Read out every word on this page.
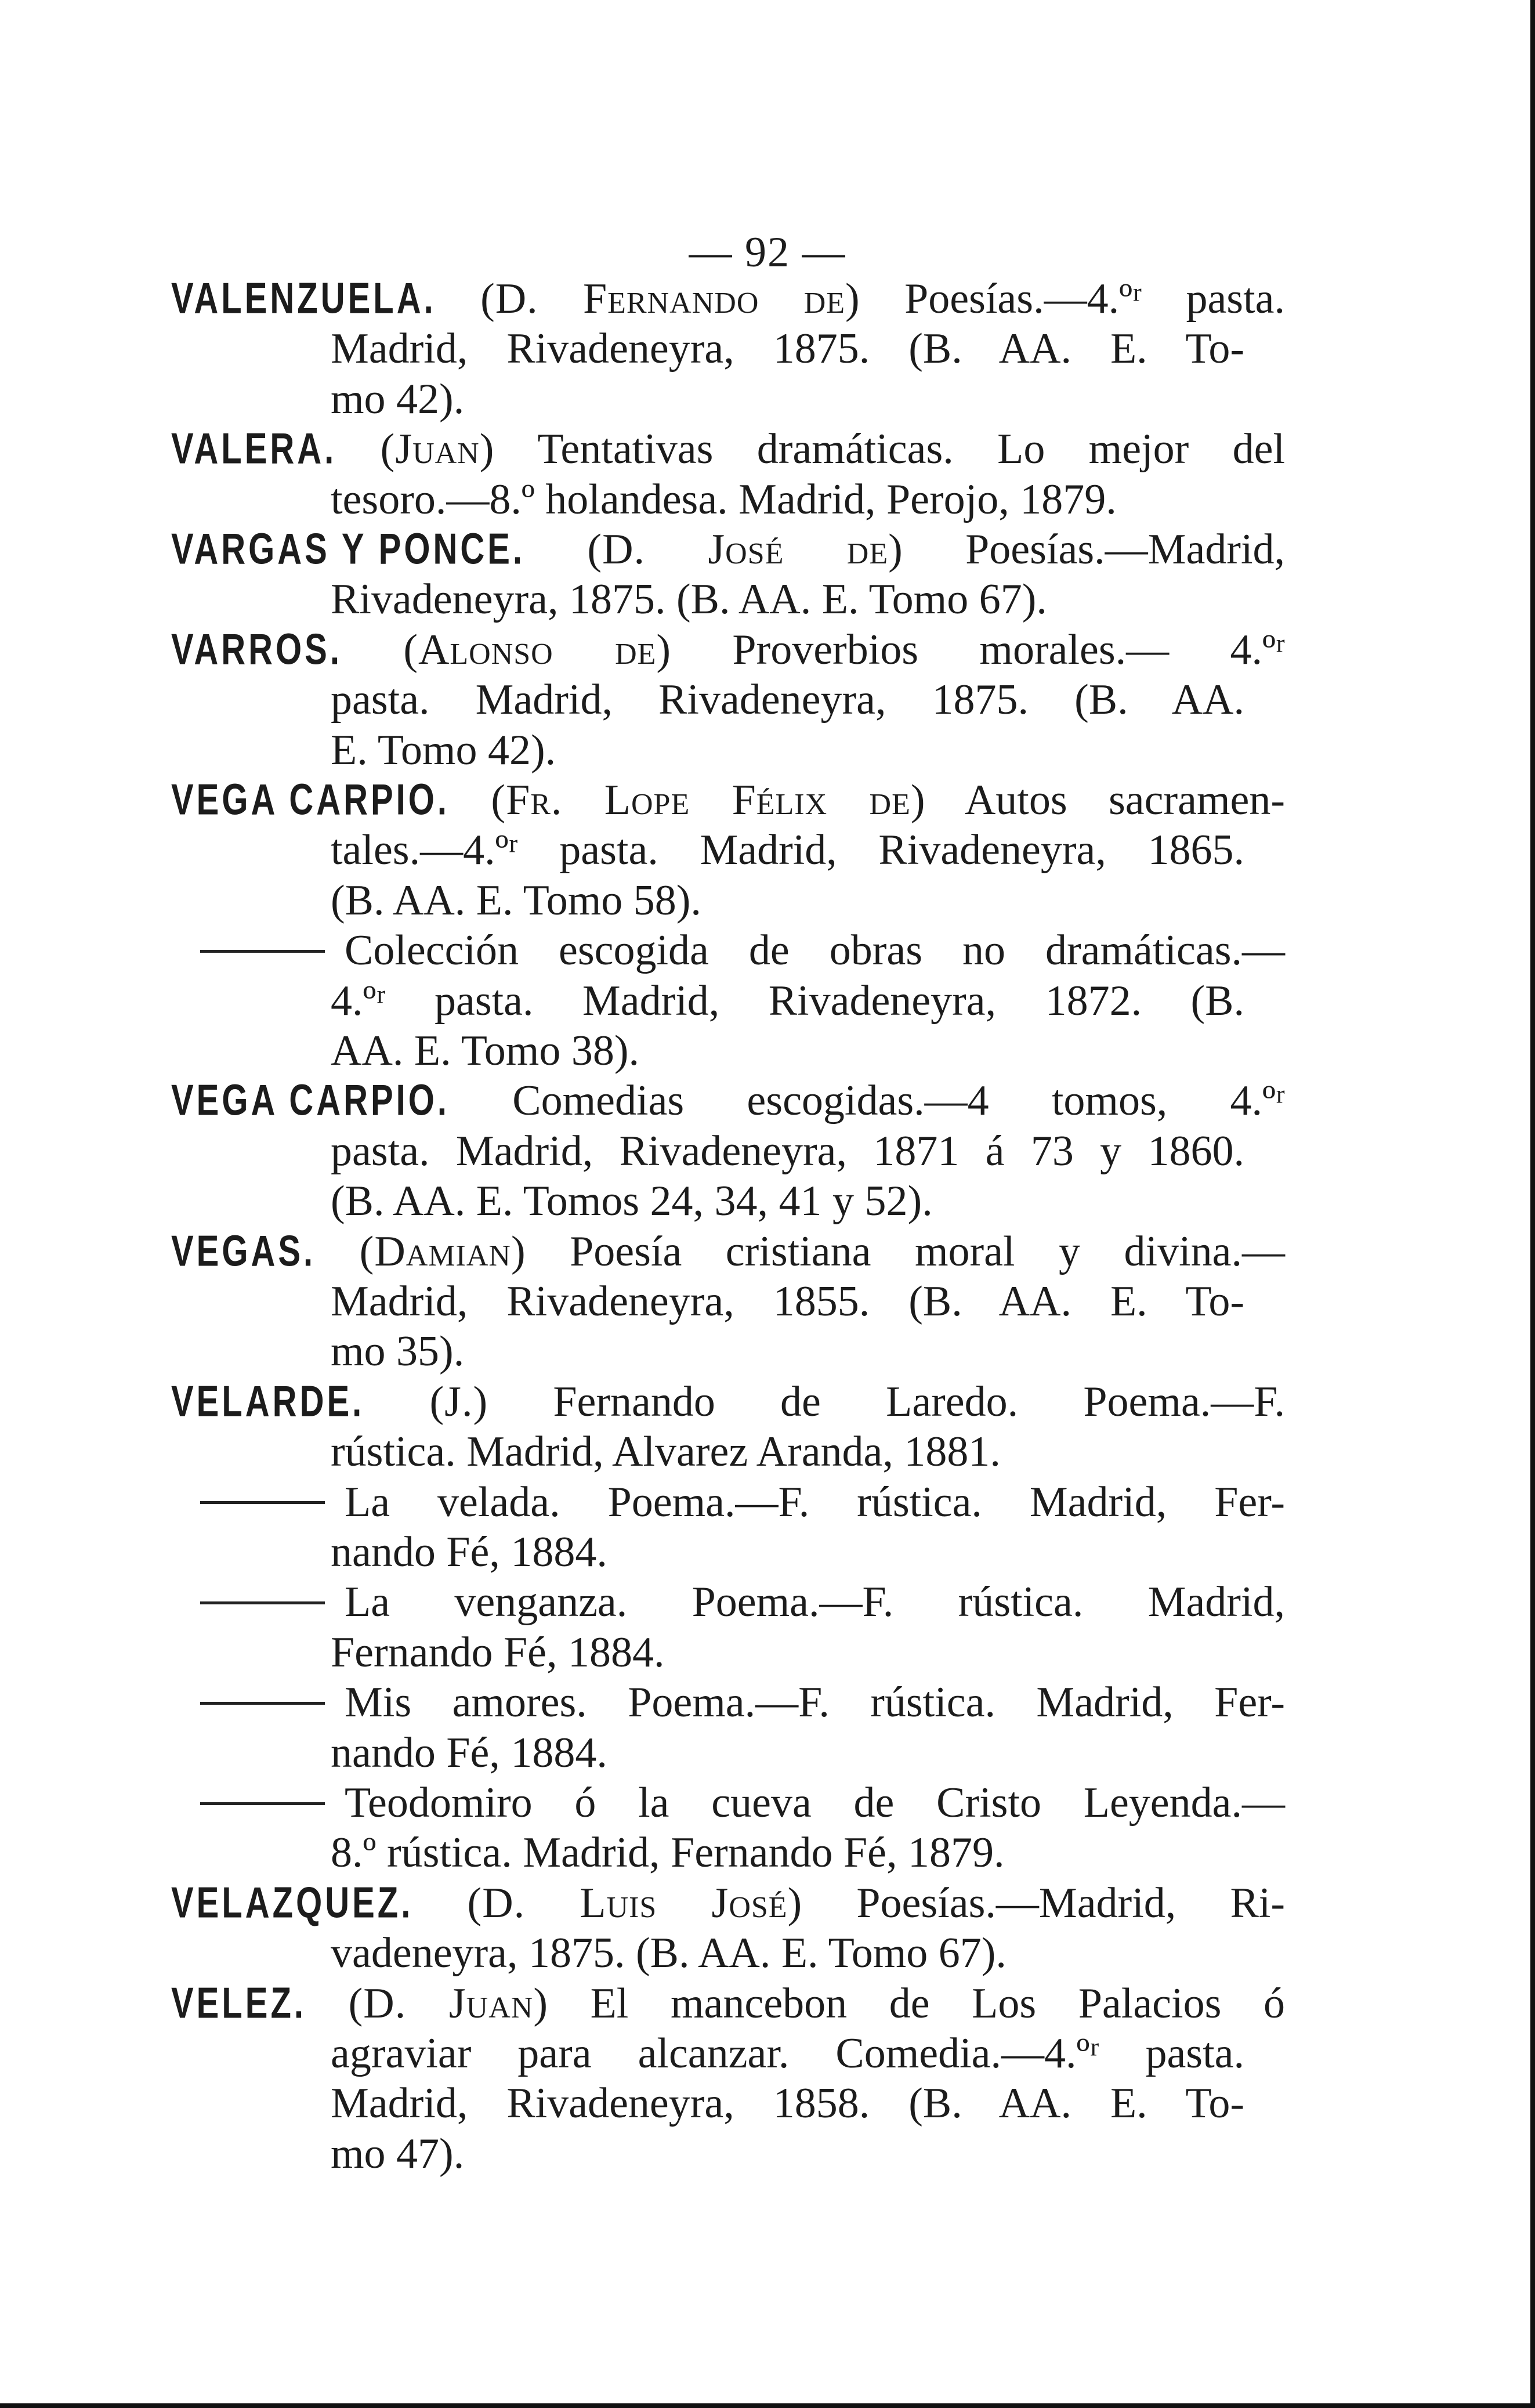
— 92 —
VALENZUELA. (D. Fernando de) Poesías.—4.ºʳ pasta.
Madrid, Rivadeneyra, 1875. (B. AA. E. To-
mo 42).
VALERA. (Juan) Tentativas dramáticas. Lo mejor del
tesoro.—8.º holandesa. Madrid, Perojo, 1879.
VARGAS Y PONCE. (D. José de) Poesías.—Madrid,
Rivadeneyra, 1875. (B. AA. E. Tomo 67).
VARROS. (Alonso de) Proverbios morales.— 4.ºʳ
pasta. Madrid, Rivadeneyra, 1875. (B. AA.
E. Tomo 42).
VEGA CARPIO. (Fr. Lope Félix de) Autos sacramen-
tales.—4.ºʳ pasta. Madrid, Rivadeneyra, 1865.
(B. AA. E. Tomo 58).
Colección escogida de obras no dramáticas.—
4.ºʳ pasta. Madrid, Rivadeneyra, 1872. (B.
AA. E. Tomo 38).
VEGA CARPIO. Comedias escogidas.—4 tomos, 4.ºʳ
pasta. Madrid, Rivadeneyra, 1871 á 73 y 1860.
(B. AA. E. Tomos 24, 34, 41 y 52).
VEGAS. (Damian) Poesía cristiana moral y divina.—
Madrid, Rivadeneyra, 1855. (B. AA. E. To-
mo 35).
VELARDE. (J.) Fernando de Laredo. Poema.—F.
rústica. Madrid, Alvarez Aranda, 1881.
La velada. Poema.—F. rústica. Madrid, Fer-
nando Fé, 1884.
La venganza. Poema.—F. rústica. Madrid,
Fernando Fé, 1884.
Mis amores. Poema.—F. rústica. Madrid, Fer-
nando Fé, 1884.
Teodomiro ó la cueva de Cristo Leyenda.—
8.º rústica. Madrid, Fernando Fé, 1879.
VELAZQUEZ. (D. Luis José) Poesías.—Madrid, Ri-
vadeneyra, 1875. (B. AA. E. Tomo 67).
VELEZ. (D. Juan) El mancebon de Los Palacios ó
agraviar para alcanzar. Comedia.—4.ºʳ pasta.
Madrid, Rivadeneyra, 1858. (B. AA. E. To-
mo 47).
